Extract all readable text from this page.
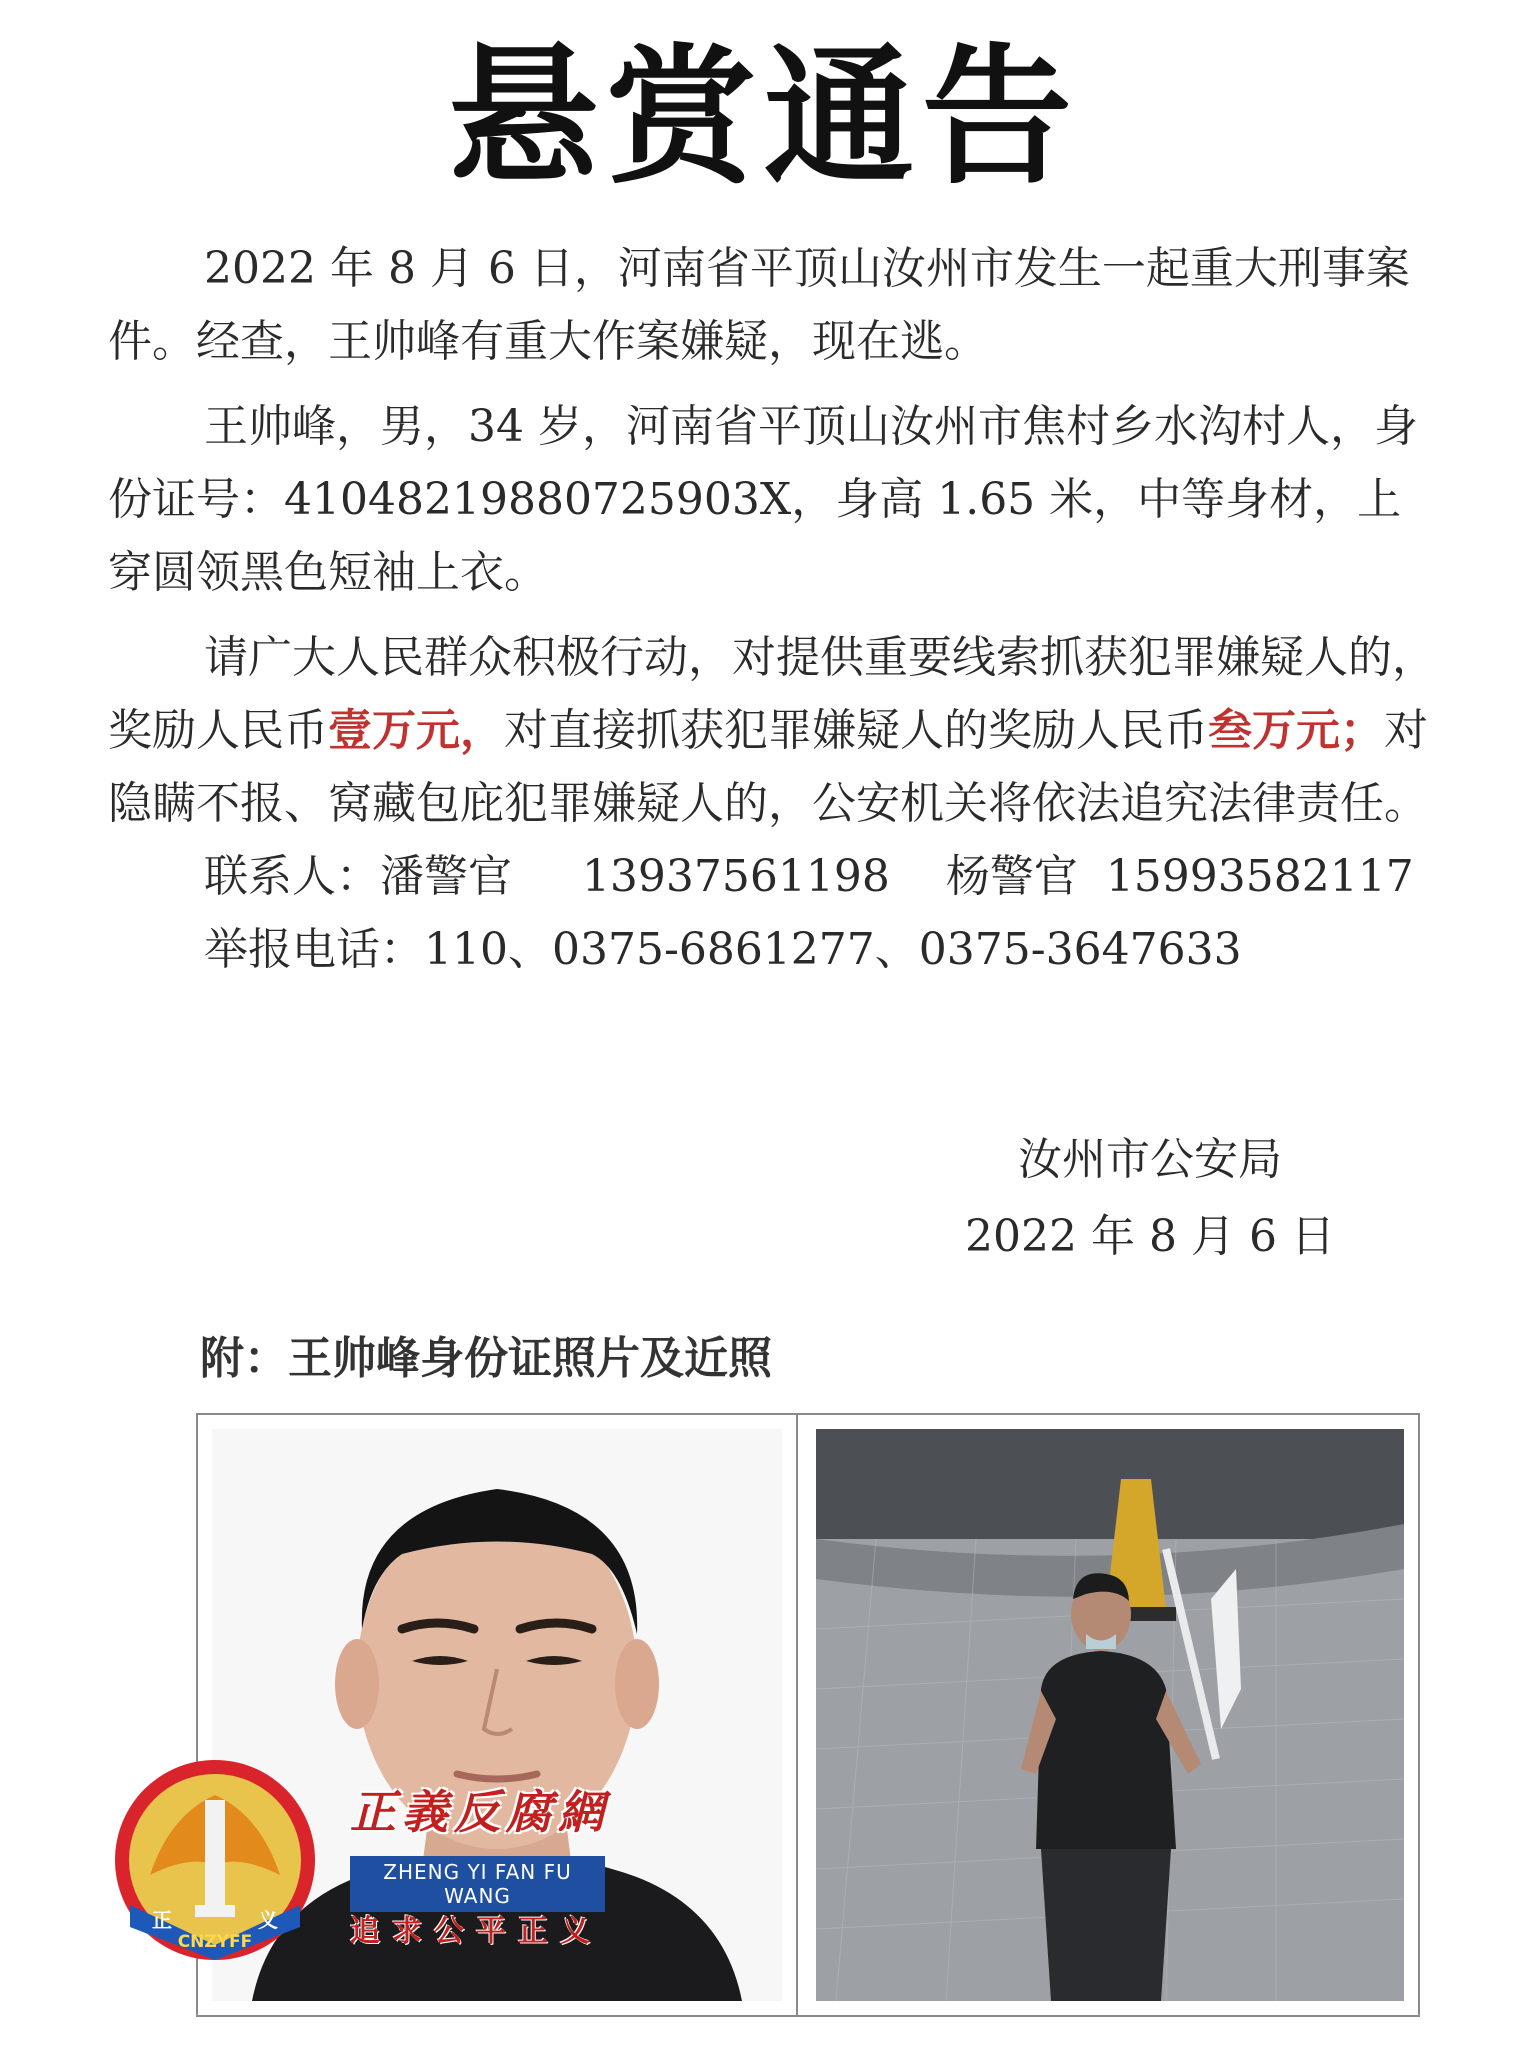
悬赏通告

2022 年 8 月 6 日，河南省平顶山汝州市发生一起重大刑事案件。经查，王帅峰有重大作案嫌疑，现在逃。

王帅峰，男，34 岁，河南省平顶山汝州市焦村乡水沟村人，身份证号：41048219880725903X，身高 1.65 米，中等身材，上穿圆领黑色短袖上衣。

请广大人民群众积极行动，对提供重要线索抓获犯罪嫌疑人的，奖励人民币壹万元，对直接抓获犯罪嫌疑人的奖励人民币叁万元；对隐瞒不报、窝藏包庇犯罪嫌疑人的，公安机关将依法追究法律责任。

联系人：潘警官 13937561198 杨警官 15993582117
举报电话：110、0375-6861277、0375-3647633
汝州市公安局
2022 年 8 月 6 日
附：王帅峰身份证照片及近照
CNZYFF
正	义
正義反腐網
ZHENG YI FAN FU WANG
追求公平正义
